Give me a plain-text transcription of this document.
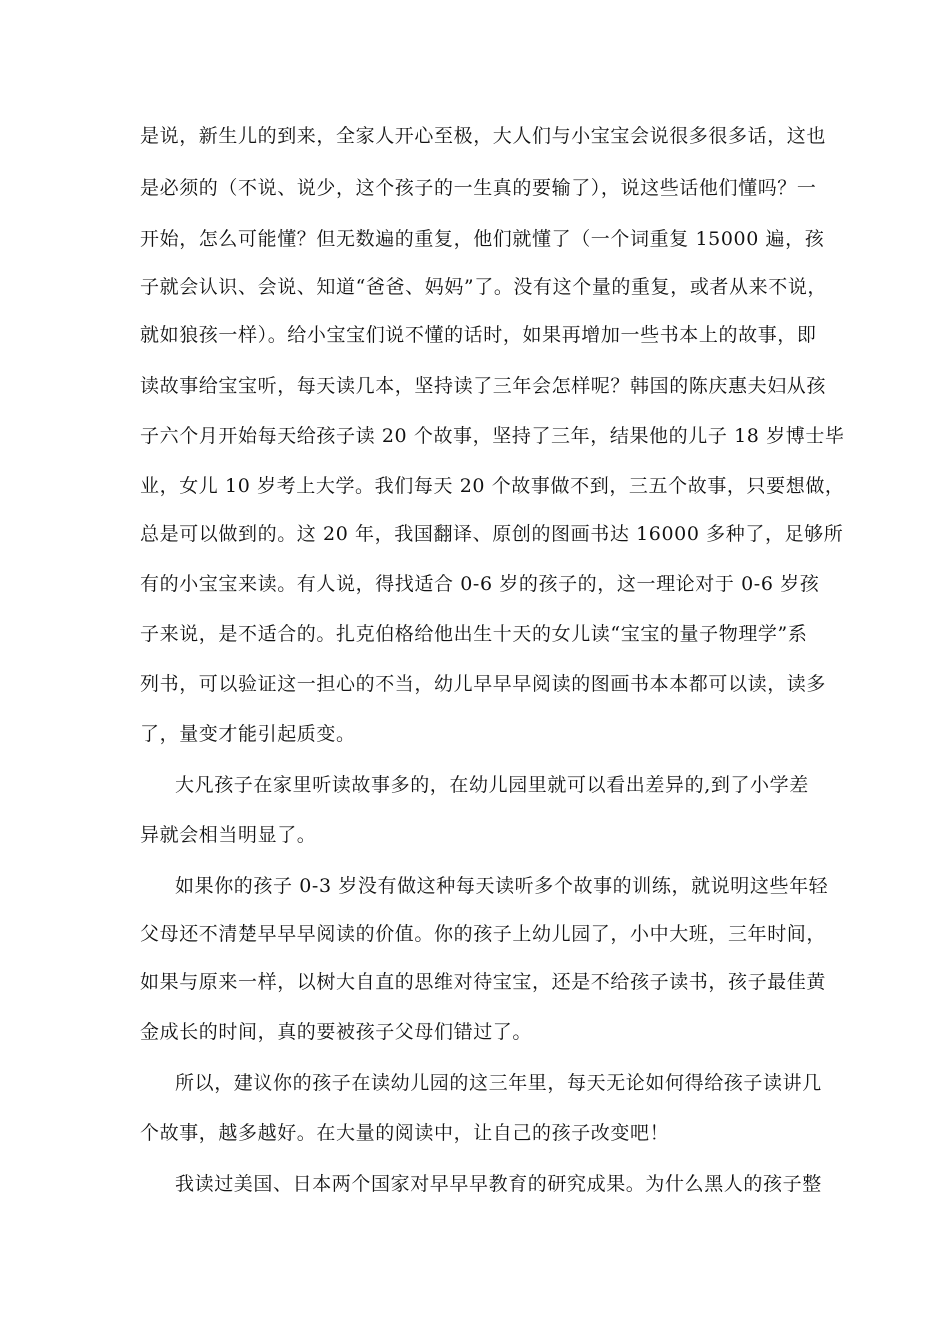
是说，新生儿的到来，全家人开心至极，大人们与小宝宝会说很多很多话，这也
是必须的（不说、说少，这个孩子的一生真的要输了），说这些话他们懂吗？一
开始，怎么可能懂？但无数遍的重复，他们就懂了（一个词重复 15000 遍，孩
子就会认识、会说、知道“爸爸、妈妈”了。没有这个量的重复，或者从来不说，
就如狼孩一样）。给小宝宝们说不懂的话时，如果再增加一些书本上的故事，即
读故事给宝宝听，每天读几本，坚持读了三年会怎样呢？韩国的陈庆惠夫妇从孩
子六个月开始每天给孩子读 20 个故事，坚持了三年，结果他的儿子 18 岁博士毕
业，女儿 10 岁考上大学。我们每天 20 个故事做不到，三五个故事，只要想做，
总是可以做到的。这 20 年，我国翻译、原创的图画书达 16000 多种了，足够所
有的小宝宝来读。有人说，得找适合 0-6 岁的孩子的，这一理论对于 0-6 岁孩
子来说，是不适合的。扎克伯格给他出生十天的女儿读“宝宝的量子物理学”系
列书，可以验证这一担心的不当，幼儿早早早阅读的图画书本本都可以读，读多
了，量变才能引起质变。
大凡孩子在家里听读故事多的，在幼儿园里就可以看出差异的,到了小学差
异就会相当明显了。
如果你的孩子 0-3 岁没有做这种每天读听多个故事的训练，就说明这些年轻
父母还不清楚早早早阅读的价值。你的孩子上幼儿园了，小中大班，三年时间，
如果与原来一样，以树大自直的思维对待宝宝，还是不给孩子读书，孩子最佳黄
金成长的时间，真的要被孩子父母们错过了。
所以，建议你的孩子在读幼儿园的这三年里，每天无论如何得给孩子读讲几
个故事，越多越好。在大量的阅读中，让自己的孩子改变吧！
我读过美国、日本两个国家对早早早教育的研究成果。为什么黑人的孩子整
